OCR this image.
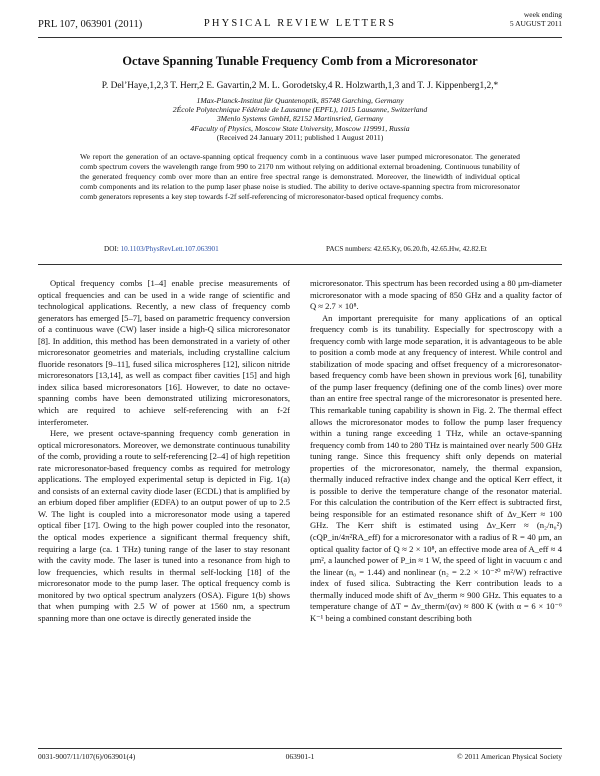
PRL 107, 063901 (2011)	PHYSICAL REVIEW LETTERS
week ending
5 AUGUST 2011
Octave Spanning Tunable Frequency Comb from a Microresonator
P. Del’Haye,1,2,3 T. Herr,2 E. Gavartin,2 M. L. Gorodetsky,4 R. Holzwarth,1,3 and T. J. Kippenberg1,2,*
1Max-Planck-Institut für Quantenoptik, 85748 Garching, Germany
2École Polytechnique Fédérale de Lausanne (EPFL), 1015 Lausanne, Switzerland
3Menlo Systems GmbH, 82152 Martinsried, Germany
4Faculty of Physics, Moscow State University, Moscow 119991, Russia
(Received 24 January 2011; published 1 August 2011)
We report the generation of an octave-spanning optical frequency comb in a continuous wave laser pumped microresonator. The generated comb spectrum covers the wavelength range from 990 to 2170 nm without relying on additional external broadening. Continuous tunability of the generated frequency comb over more than an entire free spectral range is demonstrated. Moreover, the linewidth of individual optical comb components and its relation to the pump laser phase noise is studied. The ability to derive octave-spanning spectra from microresonator comb generators represents a key step towards f-2f self-referencing of microresonator-based optical frequency combs.
DOI: 10.1103/PhysRevLett.107.063901	PACS numbers: 42.65.Ky, 06.20.fb, 42.65.Hw, 42.82.Et

Optical frequency combs [1–4] enable precise measurements of optical frequencies and can be used in a wide range of scientific and technological applications. Recently, a new class of frequency comb generators has emerged [5–7], based on parametric frequency conversion of a continuous wave (CW) laser inside a high-Q silica microresonator [8]. In addition, this method has been demonstrated in a variety of other microresonator geometries and materials, including crystalline calcium fluoride resonators [9–11], fused silica microspheres [12], silicon nitride microresonators [13,14], as well as compact fiber cavities [15] and high index silica based microresonators [16]. However, to date no octave-spanning combs have been demonstrated utilizing microresonators, which are required to achieve self-referencing with an f-2f interferometer.

Here, we present octave-spanning frequency comb generation in optical microresonators. Moreover, we demonstrate continuous tunability of the comb, providing a route to self-referencing [2–4] of high repetition rate microresonator-based frequency combs as required for metrology applications. The employed experimental setup is depicted in Fig. 1(a) and consists of an external cavity diode laser (ECDL) that is amplified by an erbium doped fiber amplifier (EDFA) to an output power of up to 2.5 W. The light is coupled into a microresonator mode using a tapered optical fiber [17]. Owing to the high power coupled into the resonator, the optical modes experience a significant thermal frequency shift, requiring a large (ca. 1 THz) tuning range of the laser to stay resonant with the cavity mode. The laser is tuned into a resonance from high to low frequencies, which results in thermal self-locking [18] of the microresonator mode to the pump laser. The optical frequency comb is monitored by two optical spectrum analyzers (OSA). Figure 1(b) shows that when pumping with 2.5 W of power at 1560 nm, a spectrum spanning more than one octave is directly generated inside the

microresonator. This spectrum has been recorded using a 80 μm-diameter microresonator with a mode spacing of 850 GHz and a quality factor of Q ≈ 2.7 × 10⁸.

An important prerequisite for many applications of an optical frequency comb is its tunability. Especially for spectroscopy with a frequency comb with large mode separation, it is advantageous to be able to position a comb mode at any frequency of interest. While control and stabilization of mode spacing and offset frequency of a microresonator-based frequency comb have been shown in previous work [6], tunability of the pump laser frequency (defining one of the comb lines) over more than an entire free spectral range of the microresonator is presented here. This remarkable tuning capability is shown in Fig. 2. The thermal effect allows the microresonator modes to follow the pump laser frequency within a tuning range exceeding 1 THz, while an octave-spanning frequency comb from 140 to 280 THz is maintained over nearly 500 GHz tuning range. Since this frequency shift only depends on material properties of the microresonator, namely, the thermal expansion, thermally induced refractive index change and the optical Kerr effect, it is possible to derive the temperature change of the resonator material. For this calculation the contribution of the Kerr effect is subtracted first, being responsible for an estimated resonance shift of Δν_Kerr ≈ 100 GHz. The Kerr shift is estimated using Δν_Kerr ≈ (n₂/n₀²)(cQP_in/4π²RA_eff) for a microresonator with a radius of R = 40 μm, an optical quality factor of Q ≈ 2 × 10⁸, an effective mode area of A_eff ≈ 4 μm², a launched power of P_in ≈ 1 W, the speed of light in vacuum c and the linear (n₀ = 1.44) and nonlinear (n₂ = 2.2 × 10⁻²⁰ m²/W) refractive index of fused silica. Subtracting the Kerr contribution leads to a thermally induced mode shift of Δν_therm ≈ 900 GHz. This equates to a temperature change of ΔT = Δν_therm/(αν) ≈ 800 K (with α = 6 × 10⁻⁶ K⁻¹ being a combined constant describing both

0031-9007/11/107(6)/063901(4)	063901-1	© 2011 American Physical Society
